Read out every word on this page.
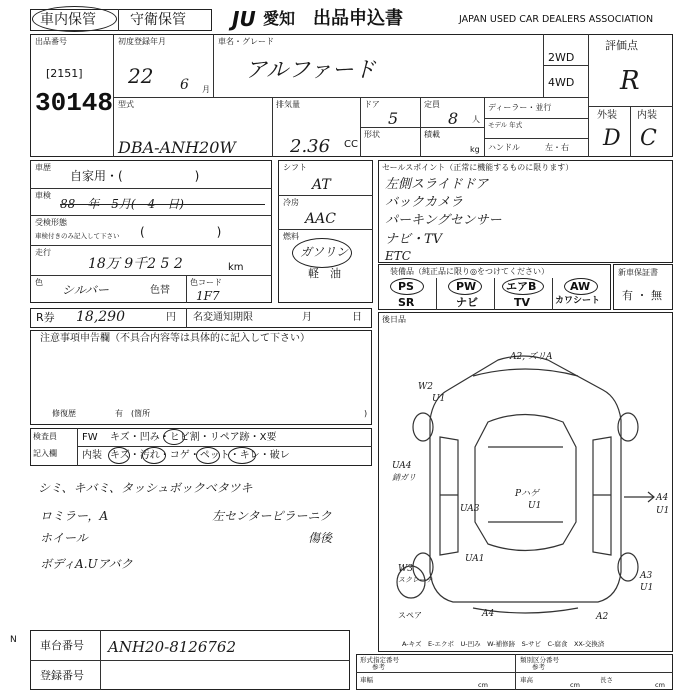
車内保管 守衛保管 JU 愛知 出品申込書	JAPAN USED CAR DEALERS ASSOCIATION
出品番号
[2151]
30148
初度登録年月
22 6 月
車名・グレード
アルファード
2WD
4WD
評価点
R
外装 内装
D C
型式
DBA-ANH20W
排気量
2.36 CC
ドア
5
定員
8 人
形状	積載
kg
ディーラー・並行
モデル 年式
ハンドル	左・右
車歴
自家用・(　　　　　　)
車検
88　年　5月(　4　日)
受検形態
車検付きのみ記入して下さい (　　　　　　)
走行
18万 9千2 5 2	km
色
シルバー	色替
色コード
1F7
シフト
AT
冷房
AAC
燃料
ガソリン
軽　油
セールスポイント（正常に機能するものに限ります）
左側スライドドア
バックカメラ
パーキングセンサー
ナビ・TV
ETC
装備品（純正品に限り◎をつけてください）
PS	PW	エアB	AW
SR	ナビ	TV	カワシート
新車保証書
有 ・ 無
R券 18,290	円 名変通知期限	月	日	後日品
注意事項申告欄（不具合内容等は具体的に記入して下さい）
修復歴	有　(箇所	)
検査員
記入欄
FW キズ・凹み・ヒビ割・リペア跡・X要
内装 キズ・汚れ・コゲ・ペット・キレ・破レ
シミ、キバミ、タッシュボックベタツキ
ロミラー，A	左センターピラーニク
ホイール	傷後
ボディA.Uアバク
A2, ズリA
W2
U1
Pハゲ
U1
UA4
錆ガリ
UA3
A4
U1
UA1
W3
スクレーチ	A3
U1
A4	A2
スペア
A-キズ　E-エクボ　U-凹み　W-補修跡　S-サビ　C-腐食　XX-交換済
N 車台番号 ANH20-8126762
登録番号
形式指定番号
参考
類別区分番号
参考
車幅
cm
車高
cm
長さ
cm
